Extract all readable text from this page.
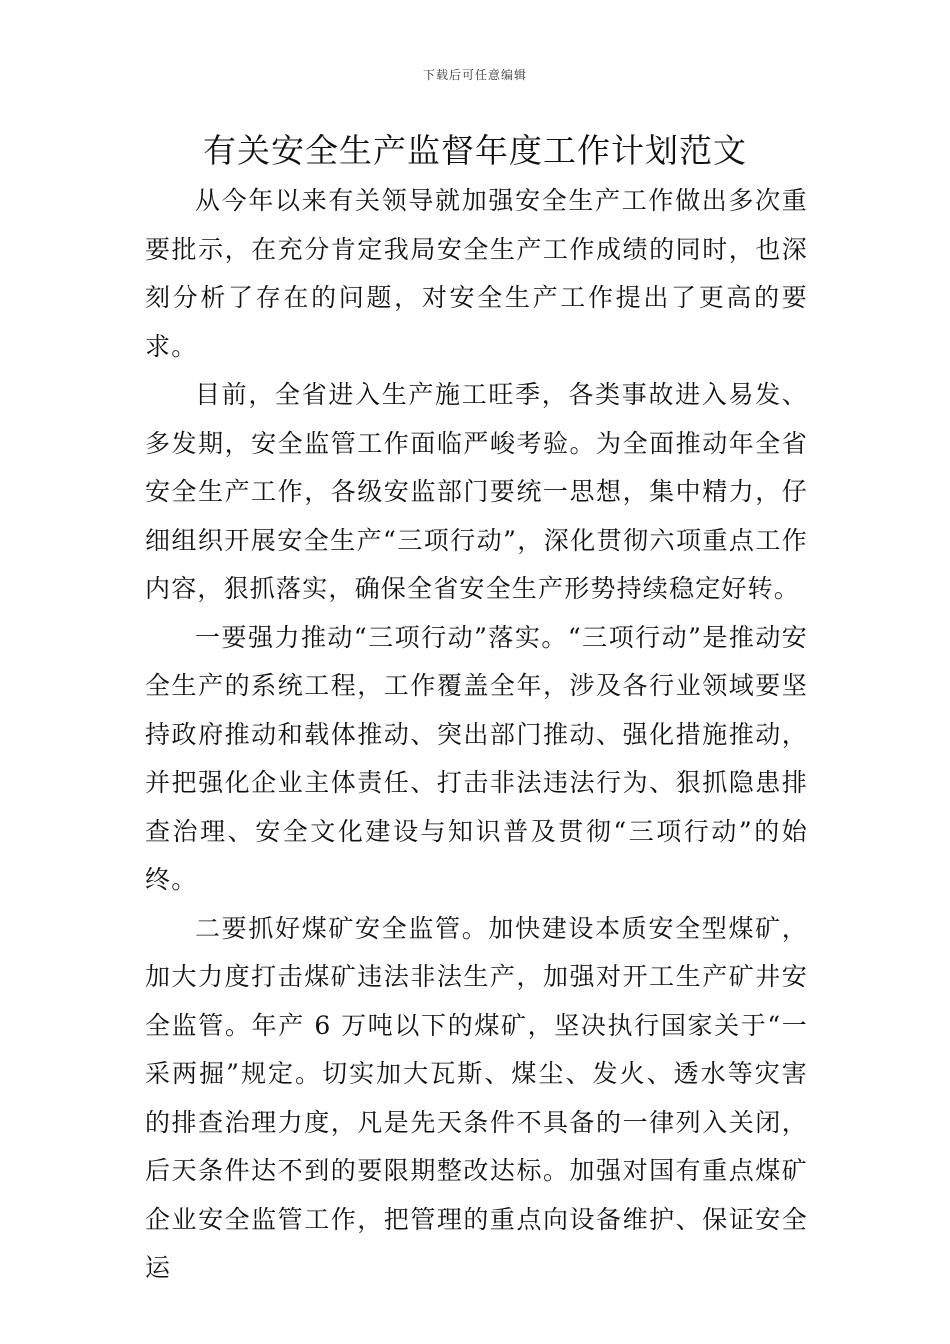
下载后可任意编辑
有关安全生产监督年度工作计划范文

从今年以来有关领导就加强安全生产工作做出多次重要批示，在充分肯定我局安全生产工作成绩的同时，也深刻分析了存在的问题，对安全生产工作提出了更高的要求。

目前，全省进入生产施工旺季，各类事故进入易发、多发期，安全监管工作面临严峻考验。为全面推动年全省安全生产工作，各级安监部门要统一思想，集中精力，仔细组织开展安全生产“三项行动”，深化贯彻六项重点工作内容，狠抓落实，确保全省安全生产形势持续稳定好转。

一要强力推动“三项行动”落实。“三项行动”是推动安全生产的系统工程，工作覆盖全年，涉及各行业领域要坚持政府推动和载体推动、突出部门推动、强化措施推动，并把强化企业主体责任、打击非法违法行为、狠抓隐患排查治理、安全文化建设与知识普及贯彻“三项行动”的始终。

二要抓好煤矿安全监管。加快建设本质安全型煤矿，加大力度打击煤矿违法非法生产，加强对开工生产矿井安全监管。年产 6 万吨以下的煤矿，坚决执行国家关于“一采两掘”规定。切实加大瓦斯、煤尘、发火、透水等灾害的排查治理力度，凡是先天条件不具备的一律列入关闭，后天条件达不到的要限期整改达标。加强对国有重点煤矿企业安全监管工作，把管理的重点向设备维护、保证安全运
